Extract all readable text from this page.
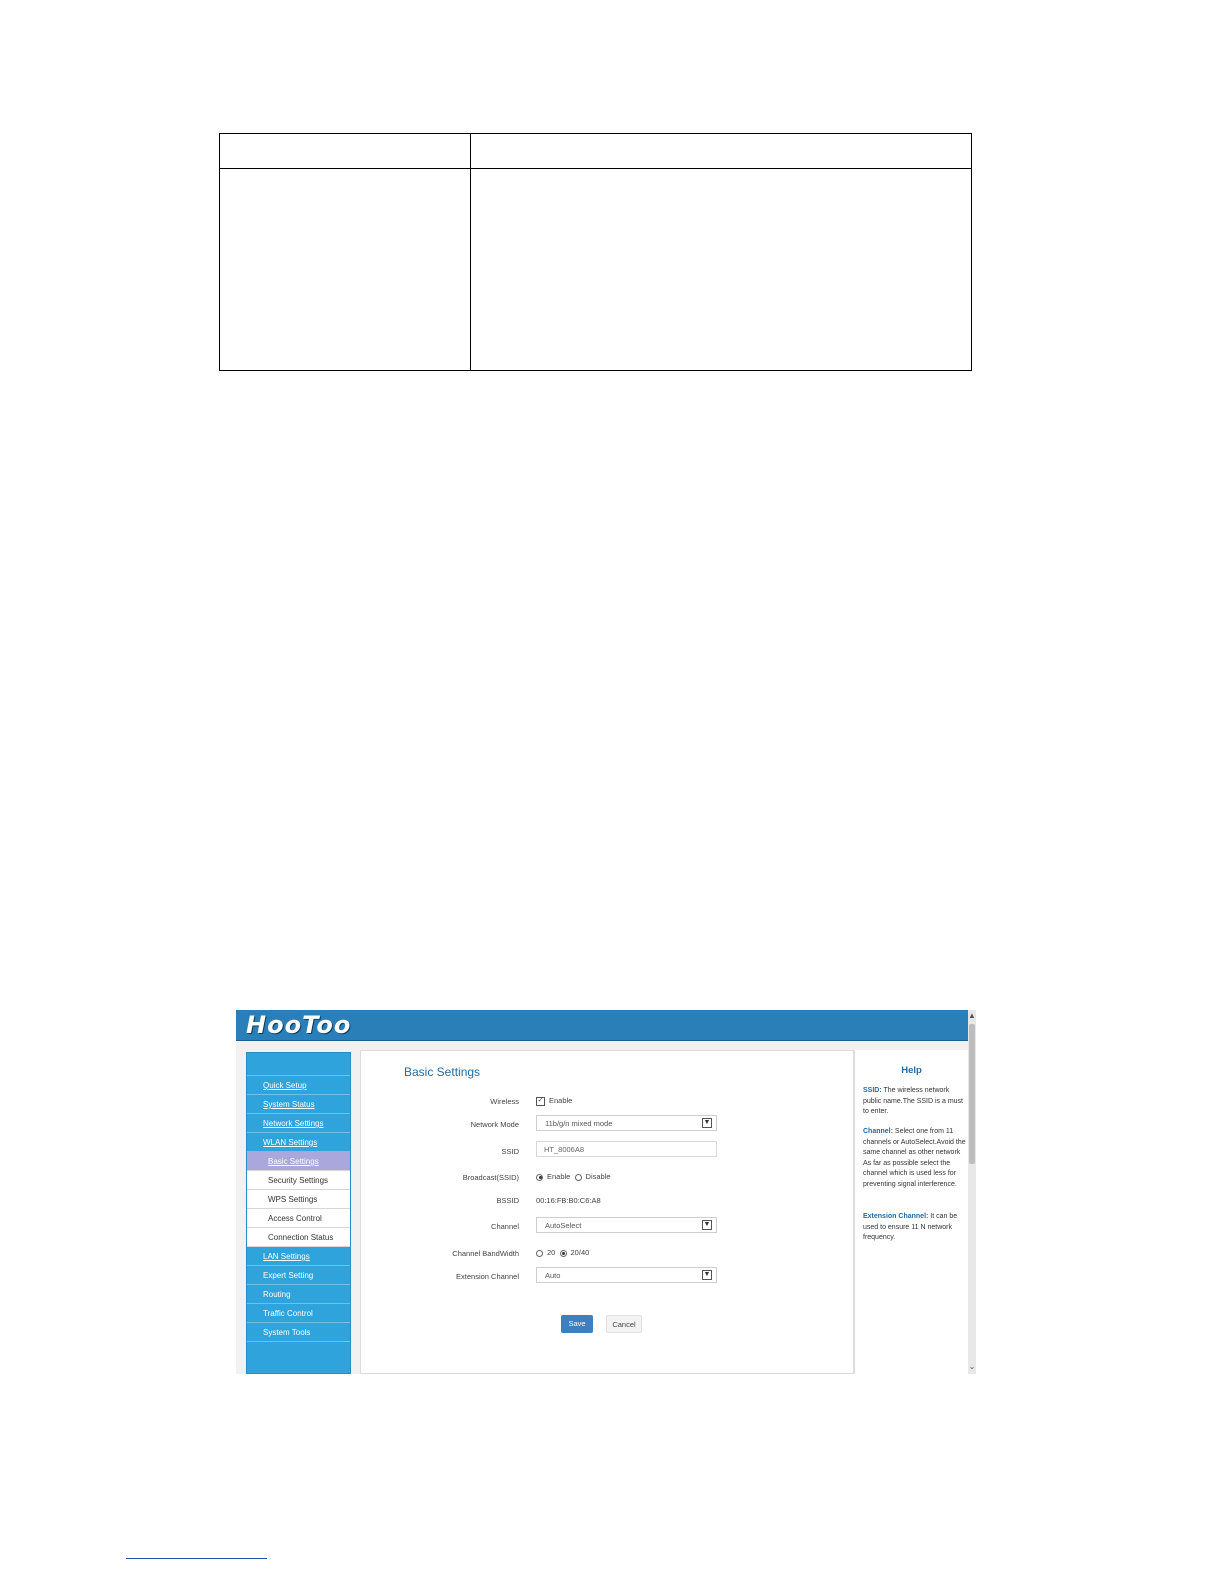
HooToo	▲
⌄
Quick Setup
System Status
Network Settings
WLAN Settings
Basic Settings
Security Settings
WPS Settings
Access Control
Connection Status
LAN Settings
Expert Setting
Routing
Traffic Control
System Tools
Basic Settings
Wireless	✓ Enable
Network Mode	11b/g/n mixed mode	▼
SSID	HT_8006A8
Broadcast(SSID)	Enable Disable
BSSID 00:16:FB:B0:C6:A8
Channel	AutoSelect	▼
Channel BandWidth	20 20/40
Extension Channel	Auto	▼
Save	Cancel
Help
SSID: The wireless network public name.The SSID is a must to enter.
Channel: Select one from 11 channels or AutoSelect.Avoid the same channel as other network As far as possible select the channel which is used less for preventing signal interference.
Extension Channel: It can be used to ensure 11 N network frequency.
